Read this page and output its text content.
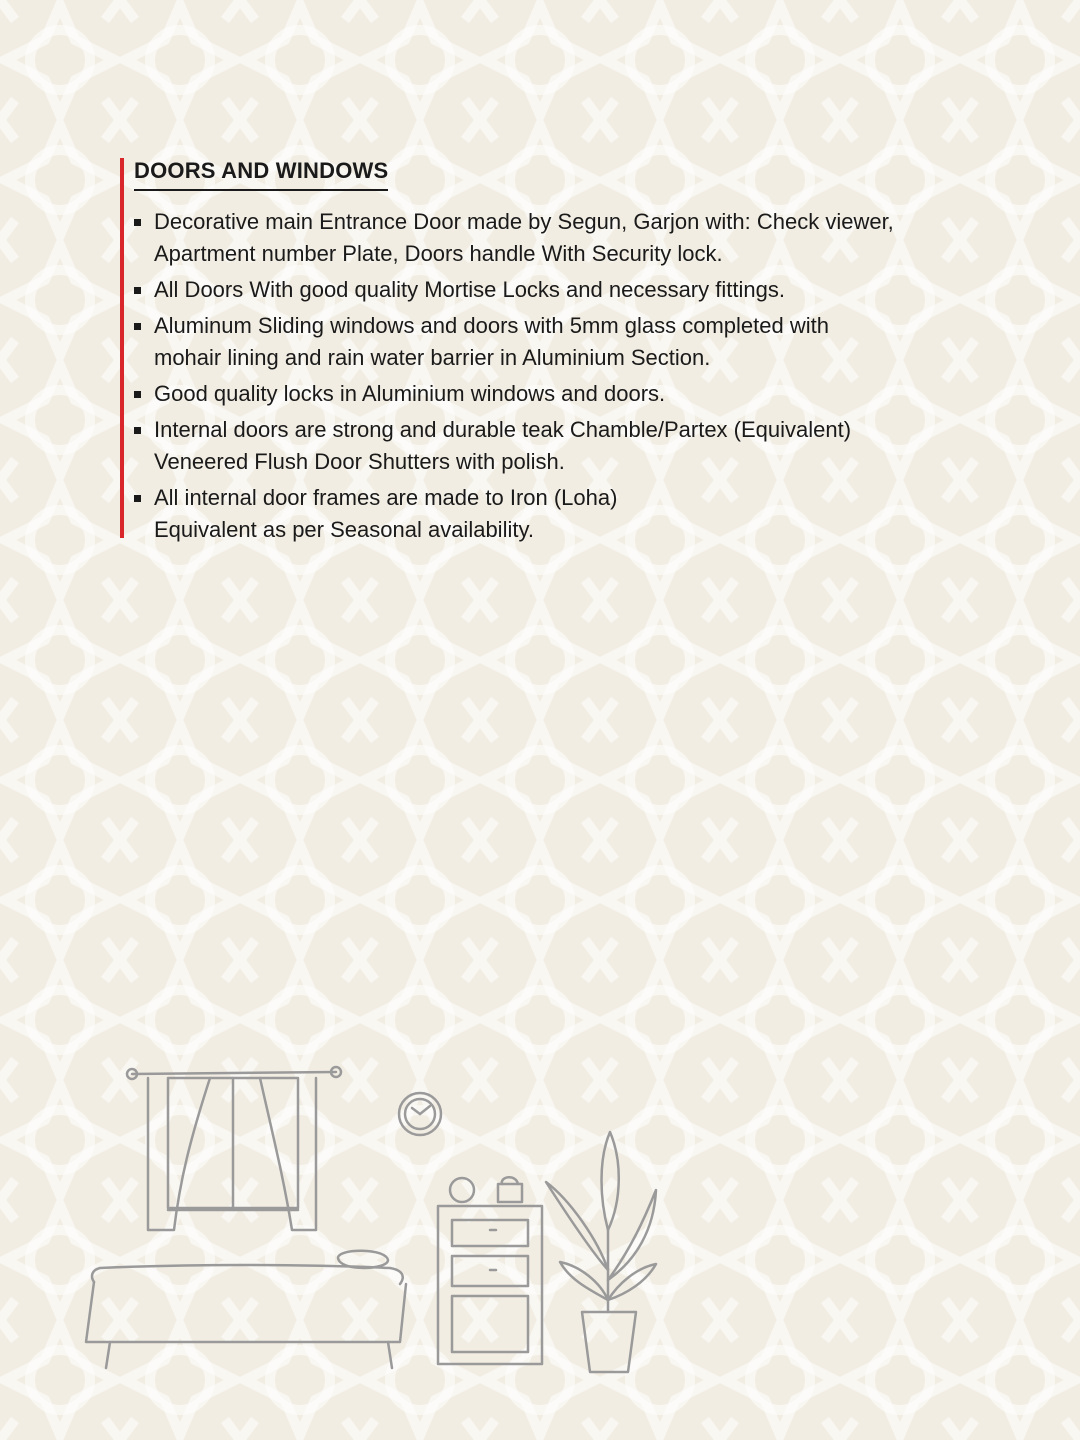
DOORS AND WINDOWS
Decorative main Entrance Door made by Segun, Garjon with: Check viewer,
Apartment number Plate, Doors handle With Security lock.
All Doors With good quality Mortise Locks and necessary fittings.
Aluminum Sliding windows and doors with 5mm glass completed with
mohair lining and rain water barrier in Aluminium Section.
Good quality locks in Aluminium windows and doors.
Internal doors are strong and durable teak Chamble/Partex (Equivalent)
Veneered Flush Door Shutters with polish.
All internal door frames are made to Iron (Loha)
Equivalent as per Seasonal availability.
